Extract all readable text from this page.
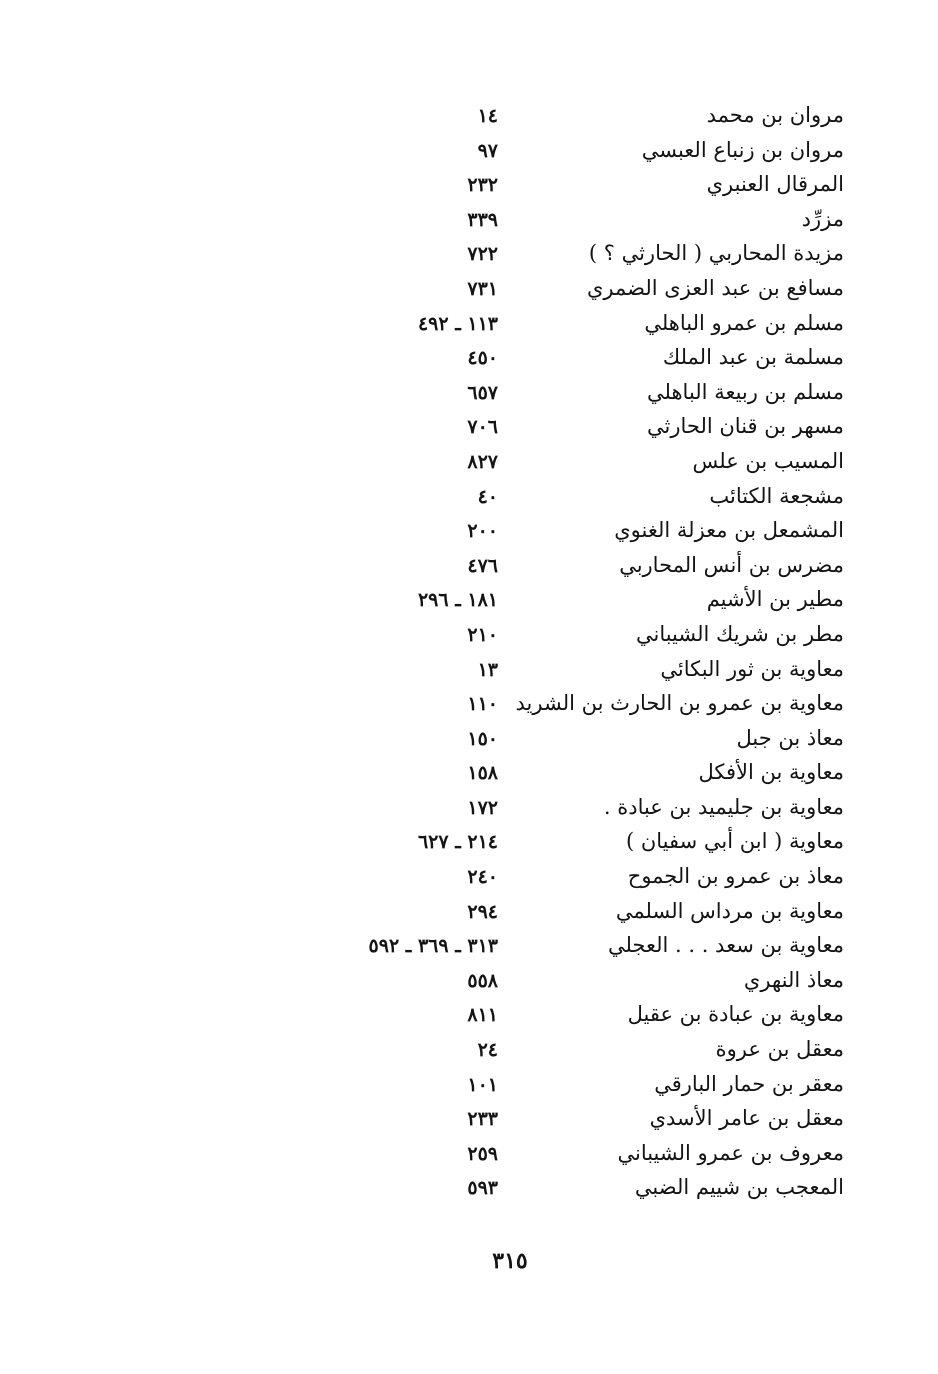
مروان بن محمد
١٤
مروان بن زنباع العبسي
٩٧
المرقال العنبري
٢٣٢
مزرِّد
٣٣٩
مزيدة المحاربي ( الحارثي ؟ )
٧٢٢
مسافع بن عبد العزى الضمري
٧٣١
مسلم بن عمرو الباهلي
١١٣ ـ ٤٩٢
مسلمة بن عبد الملك
٤٥٠
مسلم بن ربيعة الباهلي
٦٥٧
مسهر بن قنان الحارثي
٧٠٦
المسيب بن علس
٨٢٧
مشجعة الكتائب
٤٠
المشمعل بن معزلة الغنوي
٢٠٠
مضرس بن أنس المحاربي
٤٧٦
مطير بن الأشيم
١٨١ ـ ٢٩٦
مطر بن شريك الشيباني
٢١٠
معاوية بن ثور البكائي
١٣
معاوية بن عمرو بن الحارث بن الشريد
١١٠
معاذ بن جبل
١٥٠
معاوية بن الأفكل
١٥٨
معاوية بن جليميد بن عبادة .
١٧٢
معاوية ( ابن أبي سفيان )
٢١٤ ـ ٦٢٧
معاذ بن عمرو بن الجموح
٢٤٠
معاوية بن مرداس السلمي
٢٩٤
معاوية بن سعد . . . العجلي
٣١٣ ـ ٣٦٩ ـ ٥٩٢
معاذ النهري
٥٥٨
معاوية بن عبادة بن عقيل
٨١١
معقل بن عروة
٢٤
معقر بن حمار البارقي
١٠١
معقل بن عامر الأسدي
٢٣٣
معروف بن عمرو الشيباني
٢٥٩
المعجب بن شييم الضبي
٥٩٣
٣١٥
